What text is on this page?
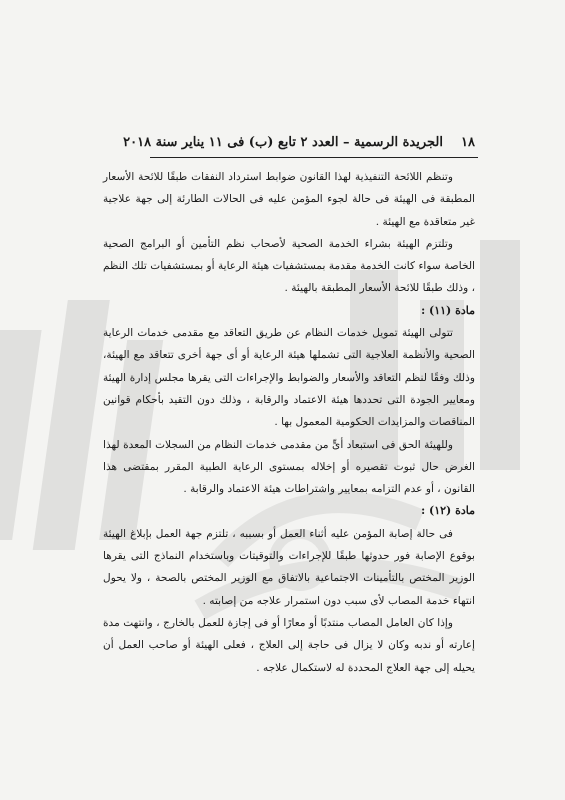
١٨
الجريدة الرسمية – العدد ٢ تابع (ب) فى ١١ يناير سنة ٢٠١٨

وتنظم اللائحة التنفيذية لهذا القانون ضوابط استرداد النفقات طبقًا للائحة الأسعار المطبقة فى الهيئة فى حالة لجوء المؤمن عليه فى الحالات الطارئة إلى جهة علاجية غير متعاقدة مع الهيئة .

وتلتزم الهيئة بشراء الخدمة الصحية لأصحاب نظم التأمين أو البرامج الصحية الخاصة سواء كانت الخدمة مقدمة بمستشفيات هيئة الرعاية أو بمستشفيات تلك النظم ، وذلك طبقًا للائحة الأسعار المطبقة بالهيئة .

مادة (١١) :

تتولى الهيئة تمويل خدمات النظام عن طريق التعاقد مع مقدمى خدمات الرعاية الصحية والأنظمة العلاجية التى تشملها هيئة الرعاية أو أى جهة أخرى تتعاقد مع الهيئة، وذلك وفقًا لنظم التعاقد والأسعار والضوابط والإجراءات التى يقرها مجلس إدارة الهيئة ومعايير الجودة التى تحددها هيئة الاعتماد والرقابة ، وذلك دون التقيد بأحكام قوانين المناقصات والمزايدات الحكومية المعمول بها .

وللهيئة الحق فى استبعاد أىٍّ من مقدمى خدمات النظام من السجلات المعدة لهذا الغرض حال ثبوت تقصيره أو إخلاله بمستوى الرعاية الطبية المقرر بمقتضى هذا القانون ، أو عدم التزامه بمعايير واشتراطات هيئة الاعتماد والرقابة .

مادة (١٢) :

فى حالة إصابة المؤمن عليه أثناء العمل أو بسببه ، تلتزم جهة العمل بإبلاغ الهيئة بوقوع الإصابة فور حدوثها طبقًا للإجراءات والتوقيتات وباستخدام النماذج التى يقرها الوزير المختص بالتأمينات الاجتماعية بالاتفاق مع الوزير المختص بالصحة ، ولا يحول انتهاء خدمة المصاب لأى سبب دون استمرار علاجه من إصابته .

وإذا كان العامل المصاب منتدبًا أو معارًا أو فى إجازة للعمل بالخارج ، وانتهت مدة إعارته أو ندبه وكان لا يزال فى حاجة إلى العلاج ، فعلى الهيئة أو صاحب العمل أن يحيله إلى جهة العلاج المحددة له لاستكمال علاجه .
